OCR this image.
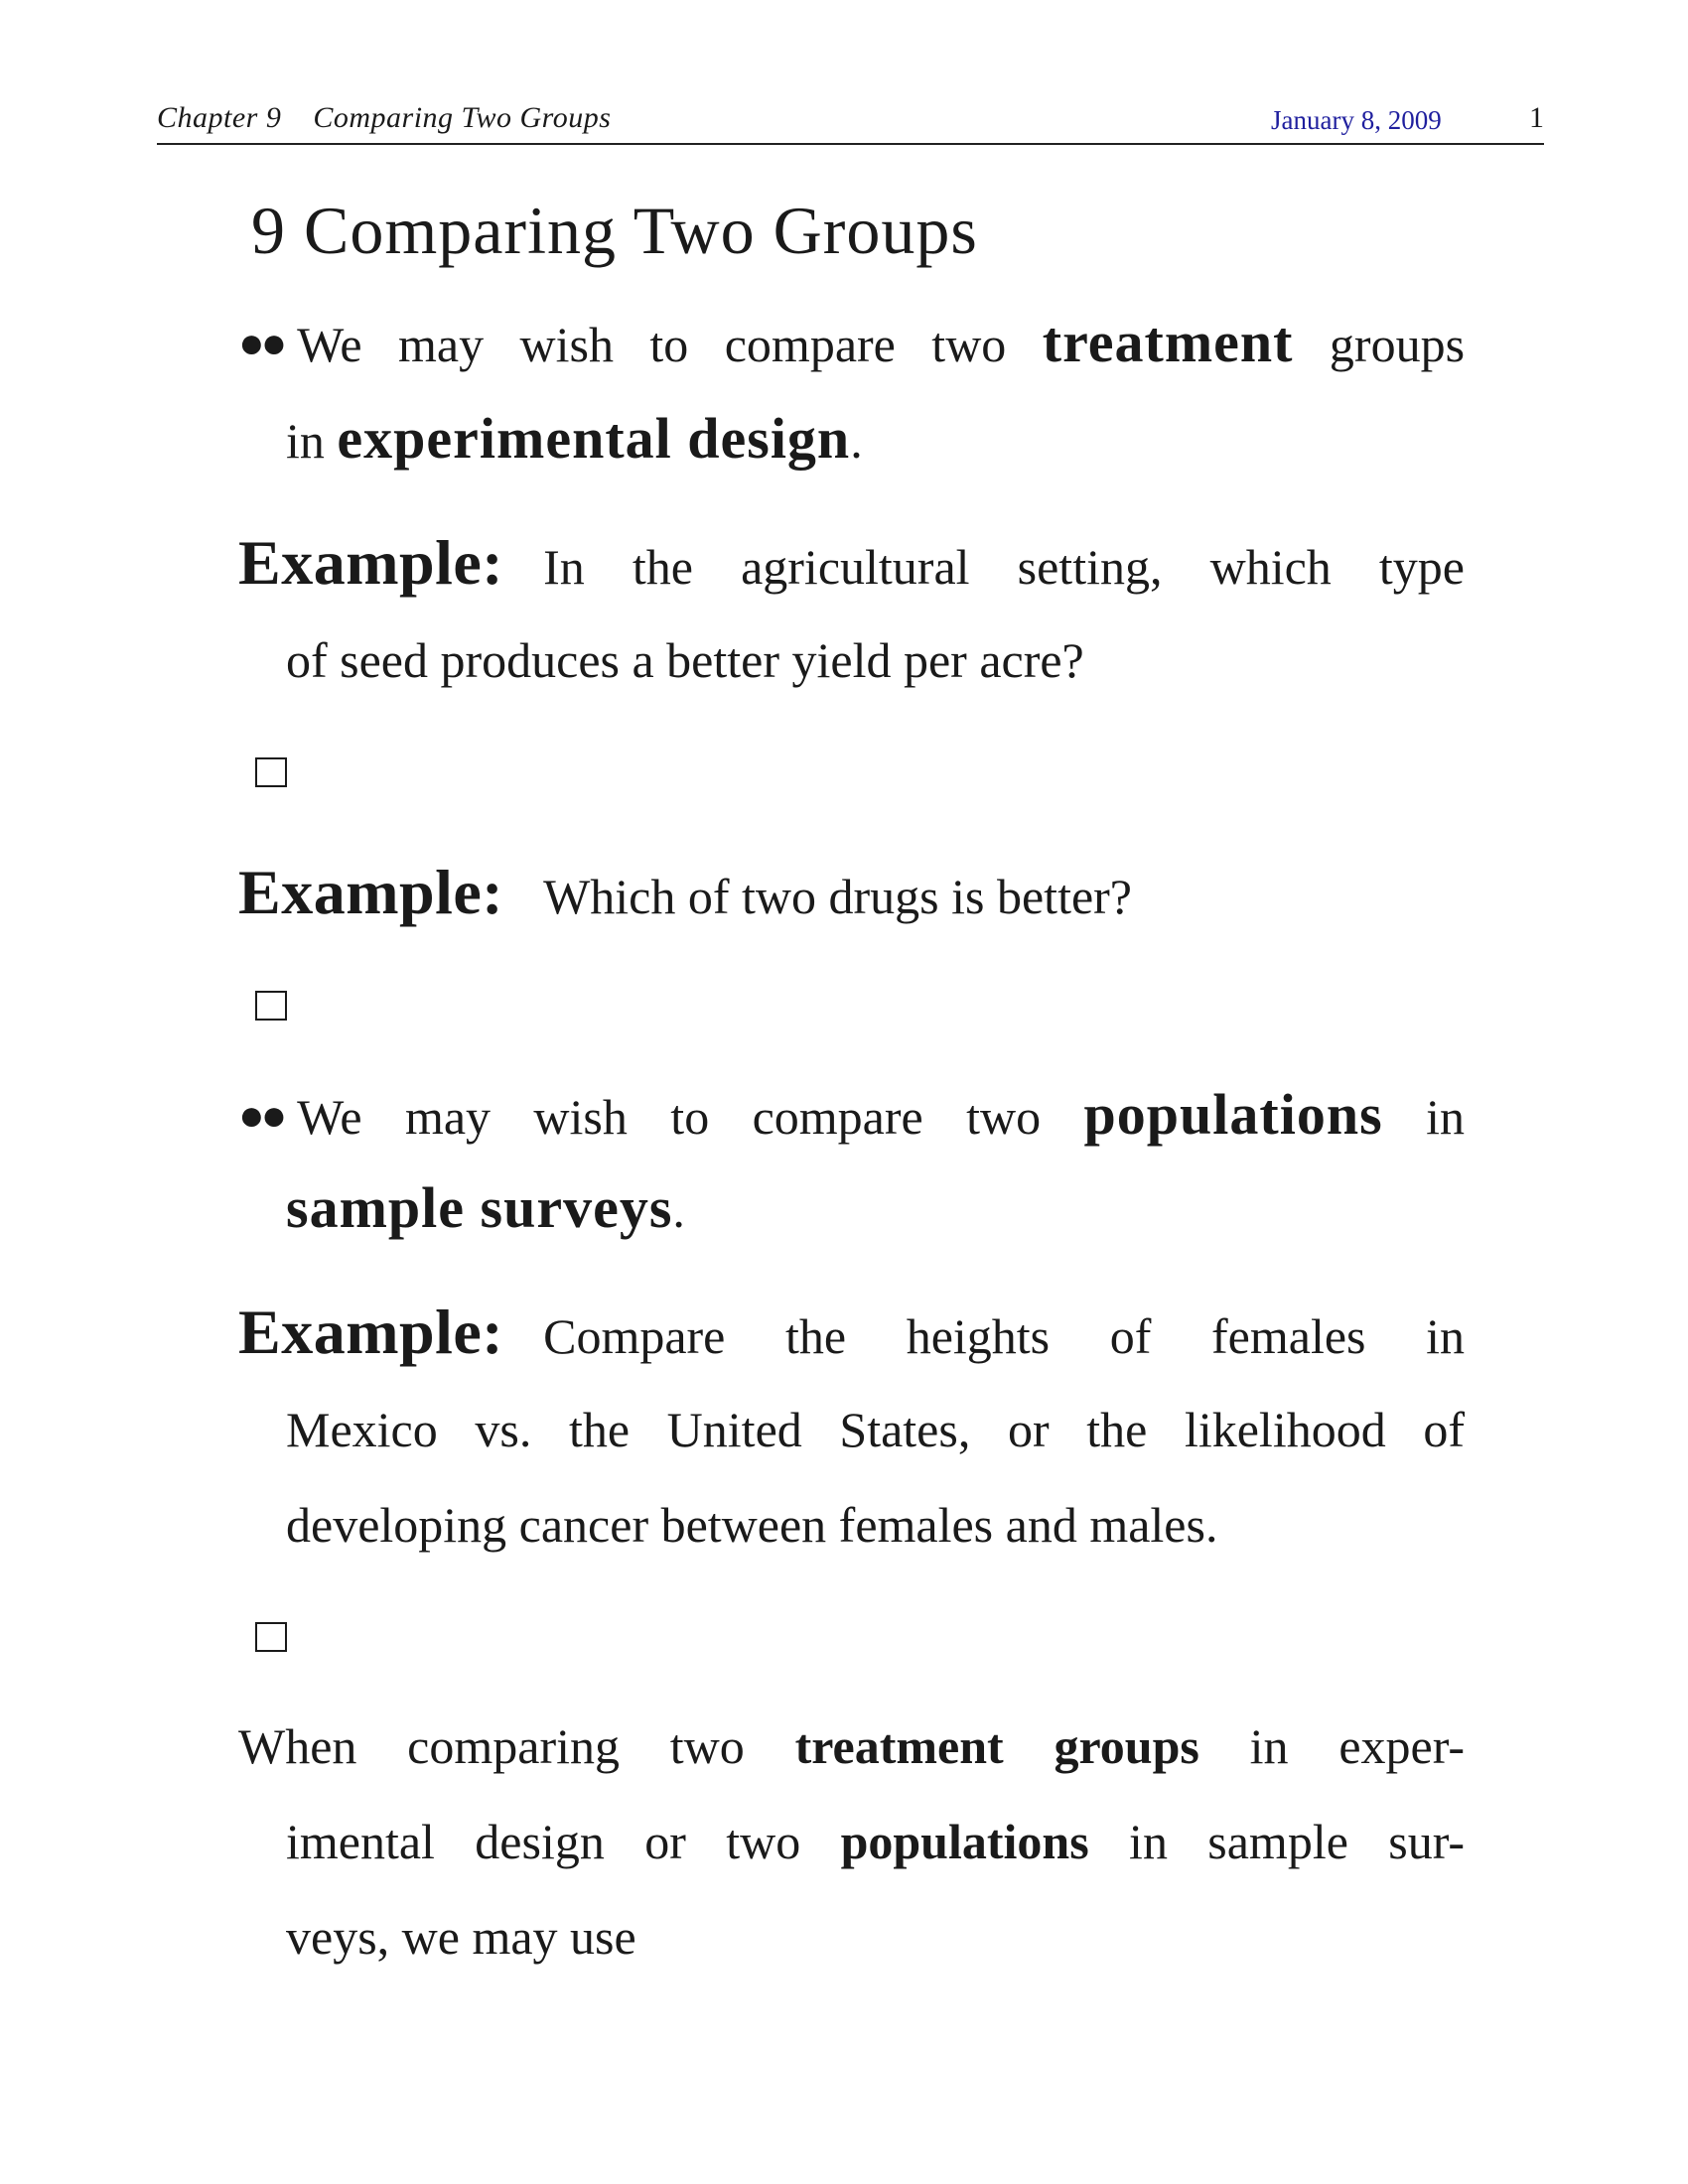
Chapter 9 Comparing Two Groups	January 8, 2009	1
9 Comparing Two Groups
●● We may wish to compare two treatment groups
in experimental design.
Example: In the agricultural setting, which type
of seed produces a better yield per acre?
Example: Which of two drugs is better?
●● We may wish to compare two populations in
sample surveys.
Example: Compare the heights of females in
Mexico vs. the United States, or the likelihood of
developing cancer between females and males.
When comparing two treatment groups in exper-
imental design or two populations in sample sur-
veys, we may use
